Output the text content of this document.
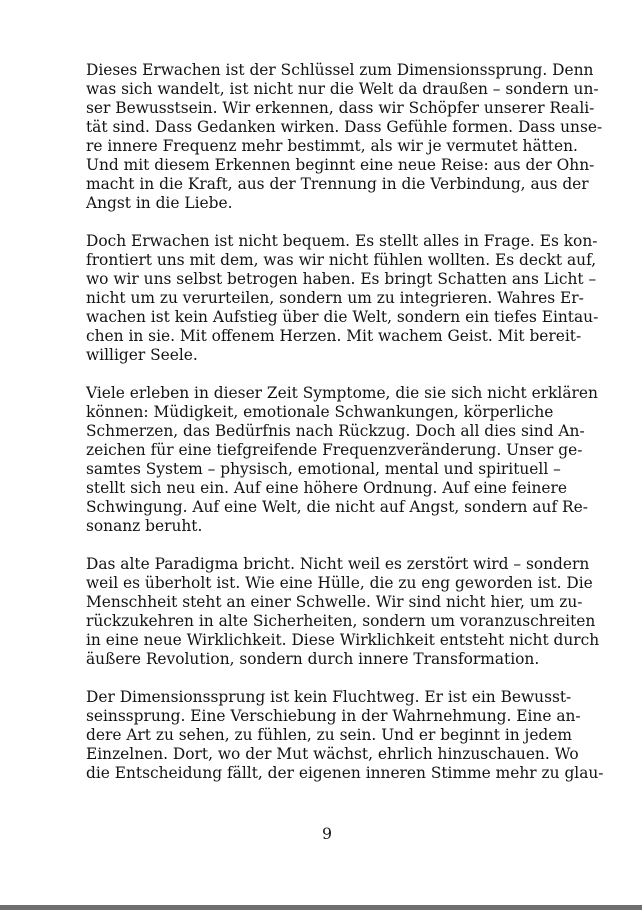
Dieses Erwachen ist der Schlüssel zum Dimensionssprung. Denn
was sich wandelt, ist nicht nur die Welt da draußen – sondern un-
ser Bewusstsein. Wir erkennen, dass wir Schöpfer unserer Reali-
tät sind. Dass Gedanken wirken. Dass Gefühle formen. Dass unse-
re innere Frequenz mehr bestimmt, als wir je vermutet hätten.
Und mit diesem Erkennen beginnt eine neue Reise: aus der Ohn-
macht in die Kraft, aus der Trennung in die Verbindung, aus der
Angst in die Liebe.
Doch Erwachen ist nicht bequem. Es stellt alles in Frage. Es kon-
frontiert uns mit dem, was wir nicht fühlen wollten. Es deckt auf,
wo wir uns selbst betrogen haben. Es bringt Schatten ans Licht –
nicht um zu verurteilen, sondern um zu integrieren. Wahres Er-
wachen ist kein Aufstieg über die Welt, sondern ein tiefes Eintau-
chen in sie. Mit offenem Herzen. Mit wachem Geist. Mit bereit-
williger Seele.
Viele erleben in dieser Zeit Symptome, die sie sich nicht erklären
können: Müdigkeit, emotionale Schwankungen, körperliche
Schmerzen, das Bedürfnis nach Rückzug. Doch all dies sind An-
zeichen für eine tiefgreifende Frequenzveränderung. Unser ge-
samtes System – physisch, emotional, mental und spirituell –
stellt sich neu ein. Auf eine höhere Ordnung. Auf eine feinere
Schwingung. Auf eine Welt, die nicht auf Angst, sondern auf Re-
sonanz beruht.
Das alte Paradigma bricht. Nicht weil es zerstört wird – sondern
weil es überholt ist. Wie eine Hülle, die zu eng geworden ist. Die
Menschheit steht an einer Schwelle. Wir sind nicht hier, um zu-
rückzukehren in alte Sicherheiten, sondern um voranzuschreiten
in eine neue Wirklichkeit. Diese Wirklichkeit entsteht nicht durch
äußere Revolution, sondern durch innere Transformation.
Der Dimensionssprung ist kein Fluchtweg. Er ist ein Bewusst-
seinssprung. Eine Verschiebung in der Wahrnehmung. Eine an-
dere Art zu sehen, zu fühlen, zu sein. Und er beginnt in jedem
Einzelnen. Dort, wo der Mut wächst, ehrlich hinzuschauen. Wo
die Entscheidung fällt, der eigenen inneren Stimme mehr zu glau-
9
